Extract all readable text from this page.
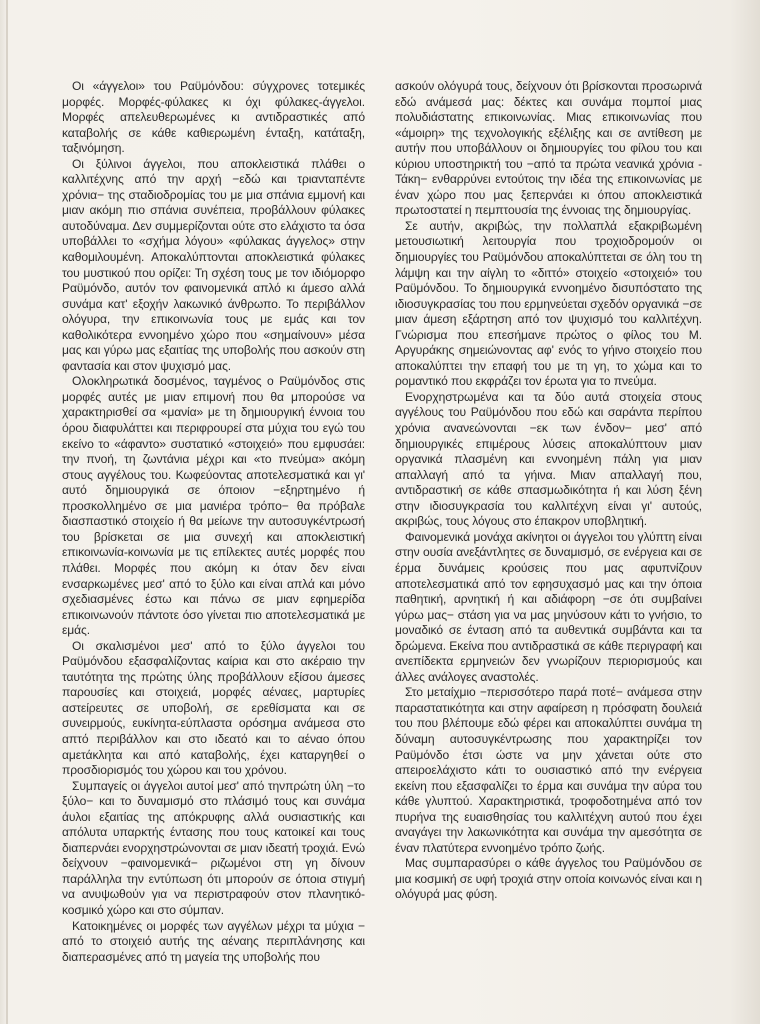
Οι «άγγελοι» του Ραϋμόνδου: σύγχρονες τοτεμικές μορφές. Μορφές-φύλακες κι όχι φύλακες-άγγελοι. Μορφές απελευθερωμένες κι αντιδραστικές από καταβολής σε κάθε καθιερωμένη ένταξη, κατάταξη, ταξινόμηση.

Οι ξύλινοι άγγελοι, που αποκλειστικά πλάθει ο καλλιτέχνης από την αρχή −εδώ και τριανταπέντε χρόνια− της σταδιοδρομίας του με μια σπάνια εμμονή και μιαν ακόμη πιο σπάνια συνέπεια, προβάλλουν φύλακες αυτοδύναμα. Δεν συμμερίζονται ούτε στο ελάχιστο τα όσα υποβάλλει το «σχήμα λόγου» «φύλακας άγγελος» στην καθομιλουμένη. Αποκαλύπτονται αποκλειστικά φύλακες του μυστικού που ορίζει: Τη σχέση τους με τον ιδιόμορφο Ραϋμόνδο, αυτόν τον φαινομενικά απλό κι άμεσο αλλά συνάμα κατ' εξοχήν λακωνικό άνθρωπο. Το περιβάλλον ολόγυρα, την επικοινωνία τους με εμάς και τον καθολικότερα εννοημένο χώρο που «σημαίνουν» μέσα μας και γύρω μας εξαιτίας της υποβολής που ασκούν στη φαντασία και στον ψυχισμό μας.

Ολοκληρωτικά δοσμένος, ταγμένος ο Ραϋμόνδος στις μορφές αυτές με μιαν επιμονή που θα μπορούσε να χαρακτηρισθεί σα «μανία» με τη δημιουργική έννοια του όρου διαφυλάττει και περιφρουρεί στα μύχια του εγώ του εκείνο το «άφαντο» συστατικό «στοιχειό» που εμφυσάει: την πνοή, τη ζωντάνια μέχρι και «το πνεύμα» ακόμη στους αγγέλους του. Κωφεύοντας αποτελεσματικά και γι' αυτό δημιουργικά σε όποιον −εξηρτημένο ή προσκολλημένο σε μια μανιέρα τρόπο− θα πρόβαλε διασπαστικό στοιχείο ή θα μείωνε την αυτοσυγκέντρωσή του βρίσκεται σε μια συνεχή και αποκλειστική επικοινωνία-κοινωνία με τις επίλεκτες αυτές μορφές που πλάθει. Μορφές που ακόμη κι όταν δεν είναι ενσαρκωμένες μεσ' από το ξύλο και είναι απλά και μόνο σχεδιασμένες έστω και πάνω σε μιαν εφημερίδα επικοινωνούν πάντοτε όσο γίνεται πιο αποτελεσματικά με εμάς.

Οι σκαλισμένοι μεσ' από το ξύλο άγγελοι του Ραϋμόνδου εξασφαλίζοντας καίρια και στο ακέραιο την ταυτότητα της πρώτης ύλης προβάλλουν εξίσου άμεσες παρουσίες και στοιχειά, μορφές αέναες, μαρτυρίες αστείρευτες σε υποβολή, σε ερεθίσματα και σε συνειρμούς, ευκίνητα-εύπλαστα ορόσημα ανάμεσα στο απτό περιβάλλον και στο ιδεατό και το αέναο όπου αμετάκλητα και από καταβολής, έχει καταργηθεί ο προσδιορισμός του χώρου και του χρόνου.

Συμπαγείς οι άγγελοι αυτοί μεσ' από τηνπρώτη ύλη −το ξύλο− και το δυναμισμό στο πλάσιμό τους και συνάμα άυλοι εξαιτίας της απόκρυφης αλλά ουσιαστικής και απόλυτα υπαρκτής έντασης που τους κατοικεί και τους διαπερνάει ενορχηστρώνονται σε μιαν ιδεατή τροχιά. Ενώ δείχνουν −φαινομενικά− ριζωμένοι στη γη δίνουν παράλληλα την εντύπωση ότι μπορούν σε όποια στιγμή να ανυψωθούν για να περιστραφούν στον πλανητικό-κοσμικό χώρο και στο σύμπαν.

Κατοικημένες οι μορφές των αγγέλων μέχρι τα μύχια − από το στοιχειό αυτής της αέναης περιπλάνησης και διαπερασμένες από τη μαγεία της υποβολής που

ασκούν ολόγυρά τους, δείχνουν ότι βρίσκονται προσωρινά εδώ ανάμεσά μας: δέκτες και συνάμα πομποί μιας πολυδιάστατης επικοινωνίας. Μιας επικοινωνίας που «άμοιρη» της τεχνολογικής εξέλιξης και σε αντίθεση με αυτήν που υποβάλλουν οι δημιουργίες του φίλου του και κύριου υποστηρικτή του −από τα πρώτα νεανικά χρόνια - Τάκη− ενθαρρύνει εντούτοις την ιδέα της επικοινωνίας με έναν χώρο που μας ξεπερνάει κι όπου αποκλειστικά πρωτοστατεί η πεμπτουσία της έννοιας της δημιουργίας.

Σε αυτήν, ακριβώς, την πολλαπλά εξακριβωμένη μετουσιωτική λειτουργία που τροχιοδρομούν οι δημιουργίες του Ραϋμόνδου αποκαλύπτεται σε όλη του τη λάμψη και την αίγλη το «διττό» στοιχείο «στοιχειό» του Ραϋμόνδου. Το δημιουργικά εννοημένο δισυπόστατο της ιδιοσυγκρασίας του που ερμηνεύεται σχεδόν οργανικά −σε μιαν άμεση εξάρτηση από τον ψυχισμό του καλλιτέχνη. Γνώρισμα που επεσήμανε πρώτος ο φίλος του Μ. Αργυράκης σημειώνοντας αφ' ενός το γήινο στοιχείο που αποκαλύπτει την επαφή του με τη γη, το χώμα και το ρομαντικό που εκφράζει τον έρωτα για το πνεύμα.

Ενορχηστρωμένα και τα δύο αυτά στοιχεία στους αγγέλους του Ραϋμόνδου που εδώ και σαράντα περίπου χρόνια ανανεώνονται −εκ των ένδον− μεσ' από δημιουργικές επιμέρους λύσεις αποκαλύπτουν μιαν οργανικά πλασμένη και εννοημένη πάλη για μιαν απαλλαγή από τα γήινα. Μιαν απαλλαγή που, αντιδραστική σε κάθε σπασμωδικότητα ή και λύση ξένη στην ιδιοσυγκρασία του καλλιτέχνη είναι γι' αυτούς, ακριβώς, τους λόγους στο έπακρον υποβλητική.

Φαινομενικά μονάχα ακίνητοι οι άγγελοι του γλύπτη είναι στην ουσία ανεξάντλητες σε δυναμισμό, σε ενέργεια και σε έρμα δυνάμεις κρούσεις που μας αφυπνίζουν αποτελεσματικά από τον εφησυχασμό μας και την όποια παθητική, αρνητική ή και αδιάφορη −σε ότι συμβαίνει γύρω μας− στάση για να μας μηνύσουν κάτι το γνήσιο, το μοναδικό σε ένταση από τα αυθεντικά συμβάντα και τα δρώμενα. Εκείνα που αντιδραστικά σε κάθε περιγραφή και ανεπίδεκτα ερμηνειών δεν γνωρίζουν περιορισμούς και άλλες ανάλογες αναστολές.

Στο μεταίχμιο −περισσότερο παρά ποτέ− ανάμεσα στην παραστατικότητα και στην αφαίρεση η πρόσφατη δουλειά του που βλέπουμε εδώ φέρει και αποκαλύπτει συνάμα τη δύναμη αυτοσυγκέντρωσης που χαρακτηρίζει τον Ραϋμόνδο έτσι ώστε να μην χάνεται ούτε στο απειροελάχιστο κάτι το ουσιαστικό από την ενέργεια εκείνη που εξασφαλίζει το έρμα και συνάμα την αύρα του κάθε γλυπτού. Χαρακτηριστικά, τροφοδοτημένα από τον πυρήνα της ευαισθησίας του καλλιτέχνη αυτού που έχει αναγάγει την λακωνικότητα και συνάμα την αμεσότητα σε έναν πλατύτερα εννοημένο τρόπο ζωής.

Μας συμπαρασύρει ο κάθε άγγελος του Ραϋμόνδου σε μια κοσμική σε υφή τροχιά στην οποία κοινωνός είναι και η ολόγυρά μας φύση.
